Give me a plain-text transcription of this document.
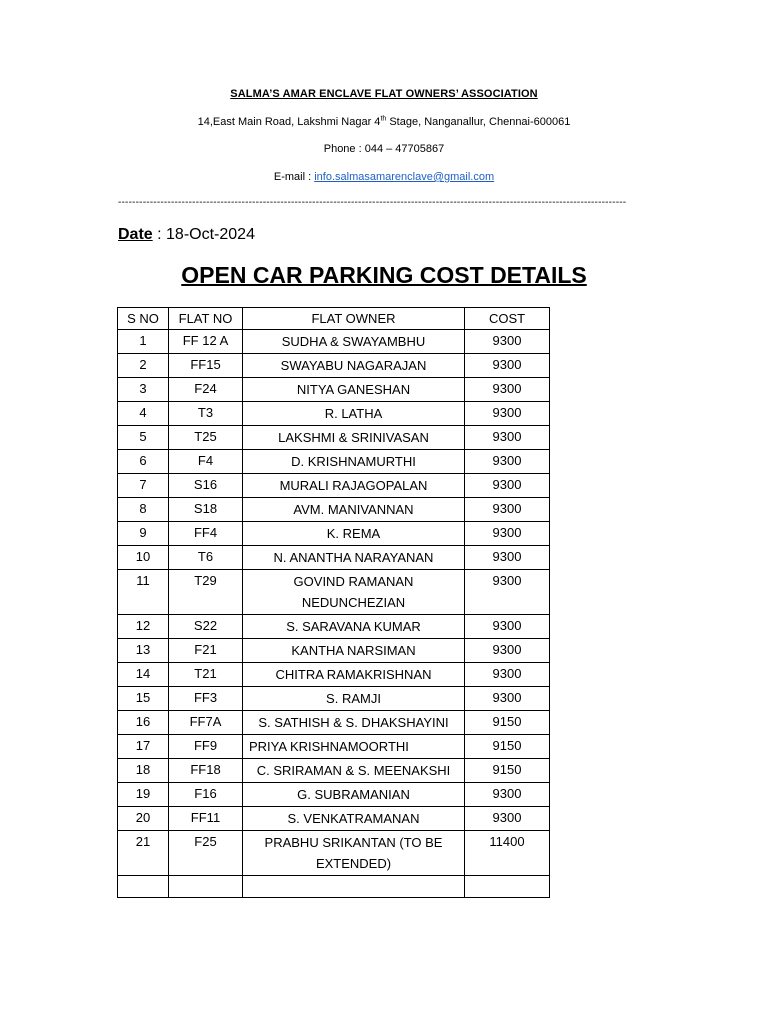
SALMA’S AMAR ENCLAVE FLAT OWNERS’ ASSOCIATION
14,East Main Road, Lakshmi Nagar 4th Stage, Nanganallur, Chennai-600061
Phone : 044 – 47705867
E-mail : info.salmasamarenclave@gmail.com
------------------------------------------------------------------------------------------------------------------------------------------------
Date : 18-Oct-2024
OPEN CAR PARKING COST DETAILS
S NO	FLAT NO	FLAT OWNER	COST
1	FF 12 A	SUDHA & SWAYAMBHU	9300
2	FF15	SWAYABU NAGARAJAN	9300
3	F24	NITYA GANESHAN	9300
4	T3	R. LATHA	9300
5	T25	LAKSHMI & SRINIVASAN	9300
6	F4	D. KRISHNAMURTHI	9300
7	S16	MURALI RAJAGOPALAN	9300
8	S18	AVM. MANIVANNAN	9300
9	FF4	K. REMA	9300
10	T6	N. ANANTHA NARAYANAN	9300
11	T29	GOVIND RAMANAN NEDUNCHEZIAN	9300
12	S22	S. SARAVANA KUMAR	9300
13	F21	KANTHA NARSIMAN	9300
14	T21	CHITRA RAMAKRISHNAN	9300
15	FF3	S. RAMJI	9300
16	FF7A	S. SATHISH & S. DHAKSHAYINI	9150
17	FF9	PRIYA KRISHNAMOORTHI	9150
18	FF18	C. SRIRAMAN & S. MEENAKSHI	9150
19	F16	G. SUBRAMANIAN	9300
20	FF11	S. VENKATRAMANAN	9300
21	F25	PRABHU SRIKANTAN (TO BE EXTENDED)	11400
